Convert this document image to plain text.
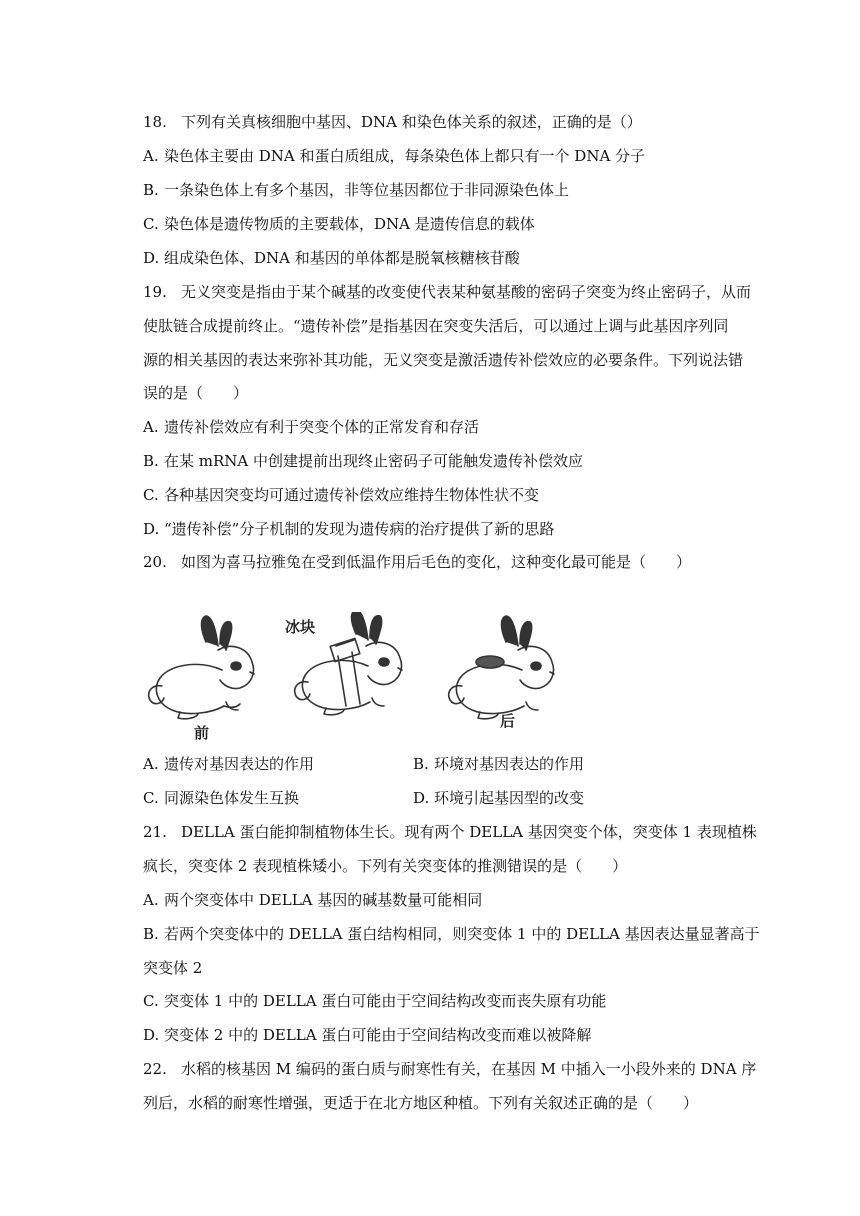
18. 下列有关真核细胞中基因、DNA 和染色体关系的叙述，正确的是（）
A. 染色体主要由 DNA 和蛋白质组成，每条染色体上都只有一个 DNA 分子
B. 一条染色体上有多个基因，非等位基因都位于非同源染色体上
C. 染色体是遗传物质的主要载体，DNA 是遗传信息的载体
D. 组成染色体、DNA 和基因的单体都是脱氧核糖核苷酸
19. 无义突变是指由于某个碱基的改变使代表某种氨基酸的密码子突变为终止密码子，从而
使肽链合成提前终止。“遗传补偿”是指基因在突变失活后，可以通过上调与此基因序列同
源的相关基因的表达来弥补其功能，无义突变是激活遗传补偿效应的必要条件。下列说法错
误的是（　　）
A. 遗传补偿效应有利于突变个体的正常发育和存活
B. 在某 mRNA 中创建提前出现终止密码子可能触发遗传补偿效应
C. 各种基因突变均可通过遗传补偿效应维持生物体性状不变
D. “遗传补偿”分子机制的发现为遗传病的治疗提供了新的思路
20. 如图为喜马拉雅兔在受到低温作用后毛色的变化，这种变化最可能是（　　）
前
冰块
后
A. 遗传对基因表达的作用	B. 环境对基因表达的作用
C. 同源染色体发生互换	D. 环境引起基因型的改变
21. DELLA 蛋白能抑制植物体生长。现有两个 DELLA 基因突变个体，突变体 1 表现植株
疯长，突变体 2 表现植株矮小。下列有关突变体的推测错误的是（　　）
A. 两个突变体中 DELLA 基因的碱基数量可能相同
B. 若两个突变体中的 DELLA 蛋白结构相同，则突变体 1 中的 DELLA 基因表达量显著高于
突变体 2
C. 突变体 1 中的 DELLA 蛋白可能由于空间结构改变而丧失原有功能
D. 突变体 2 中的 DELLA 蛋白可能由于空间结构改变而难以被降解
22. 水稻的核基因 M 编码的蛋白质与耐寒性有关，在基因 M 中插入一小段外来的 DNA 序
列后，水稻的耐寒性增强，更适于在北方地区种植。下列有关叙述正确的是（　　）
